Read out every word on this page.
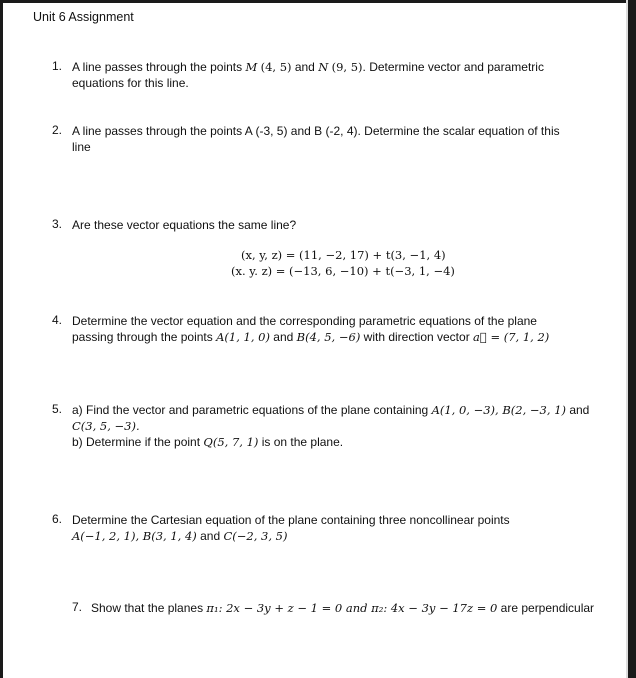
Unit 6 Assignment
1. A line passes through the points M (4, 5) and N (9, 5). Determine vector and parametric
equations for this line.
2. A line passes through the points A (-3, 5) and B (-2, 4). Determine the scalar equation of this
line
3. Are these vector equations the same line?
(x, y, z) = (11, −2, 17) + t(3, −1, 4)
(x. y. z) = (−13, 6, −10) + t(−3, 1, −4)
4. Determine the vector equation and the corresponding parametric equations of the plane
passing through the points A(1, 1, 0) and B(4, 5, −6) with direction vector a⃗ = (7, 1, 2)
5. a) Find the vector and parametric equations of the plane containing A(1, 0, −3), B(2, −3, 1) and
C(3, 5, −3).
b) Determine if the point Q(5, 7, 1) is on the plane.
6. Determine the Cartesian equation of the plane containing three noncollinear points
A(−1, 2, 1), B(3, 1, 4) and C(−2, 3, 5)
7. Show that the planes π₁: 2x − 3y + z − 1 = 0 and π₂: 4x − 3y − 17z = 0 are perpendicular
